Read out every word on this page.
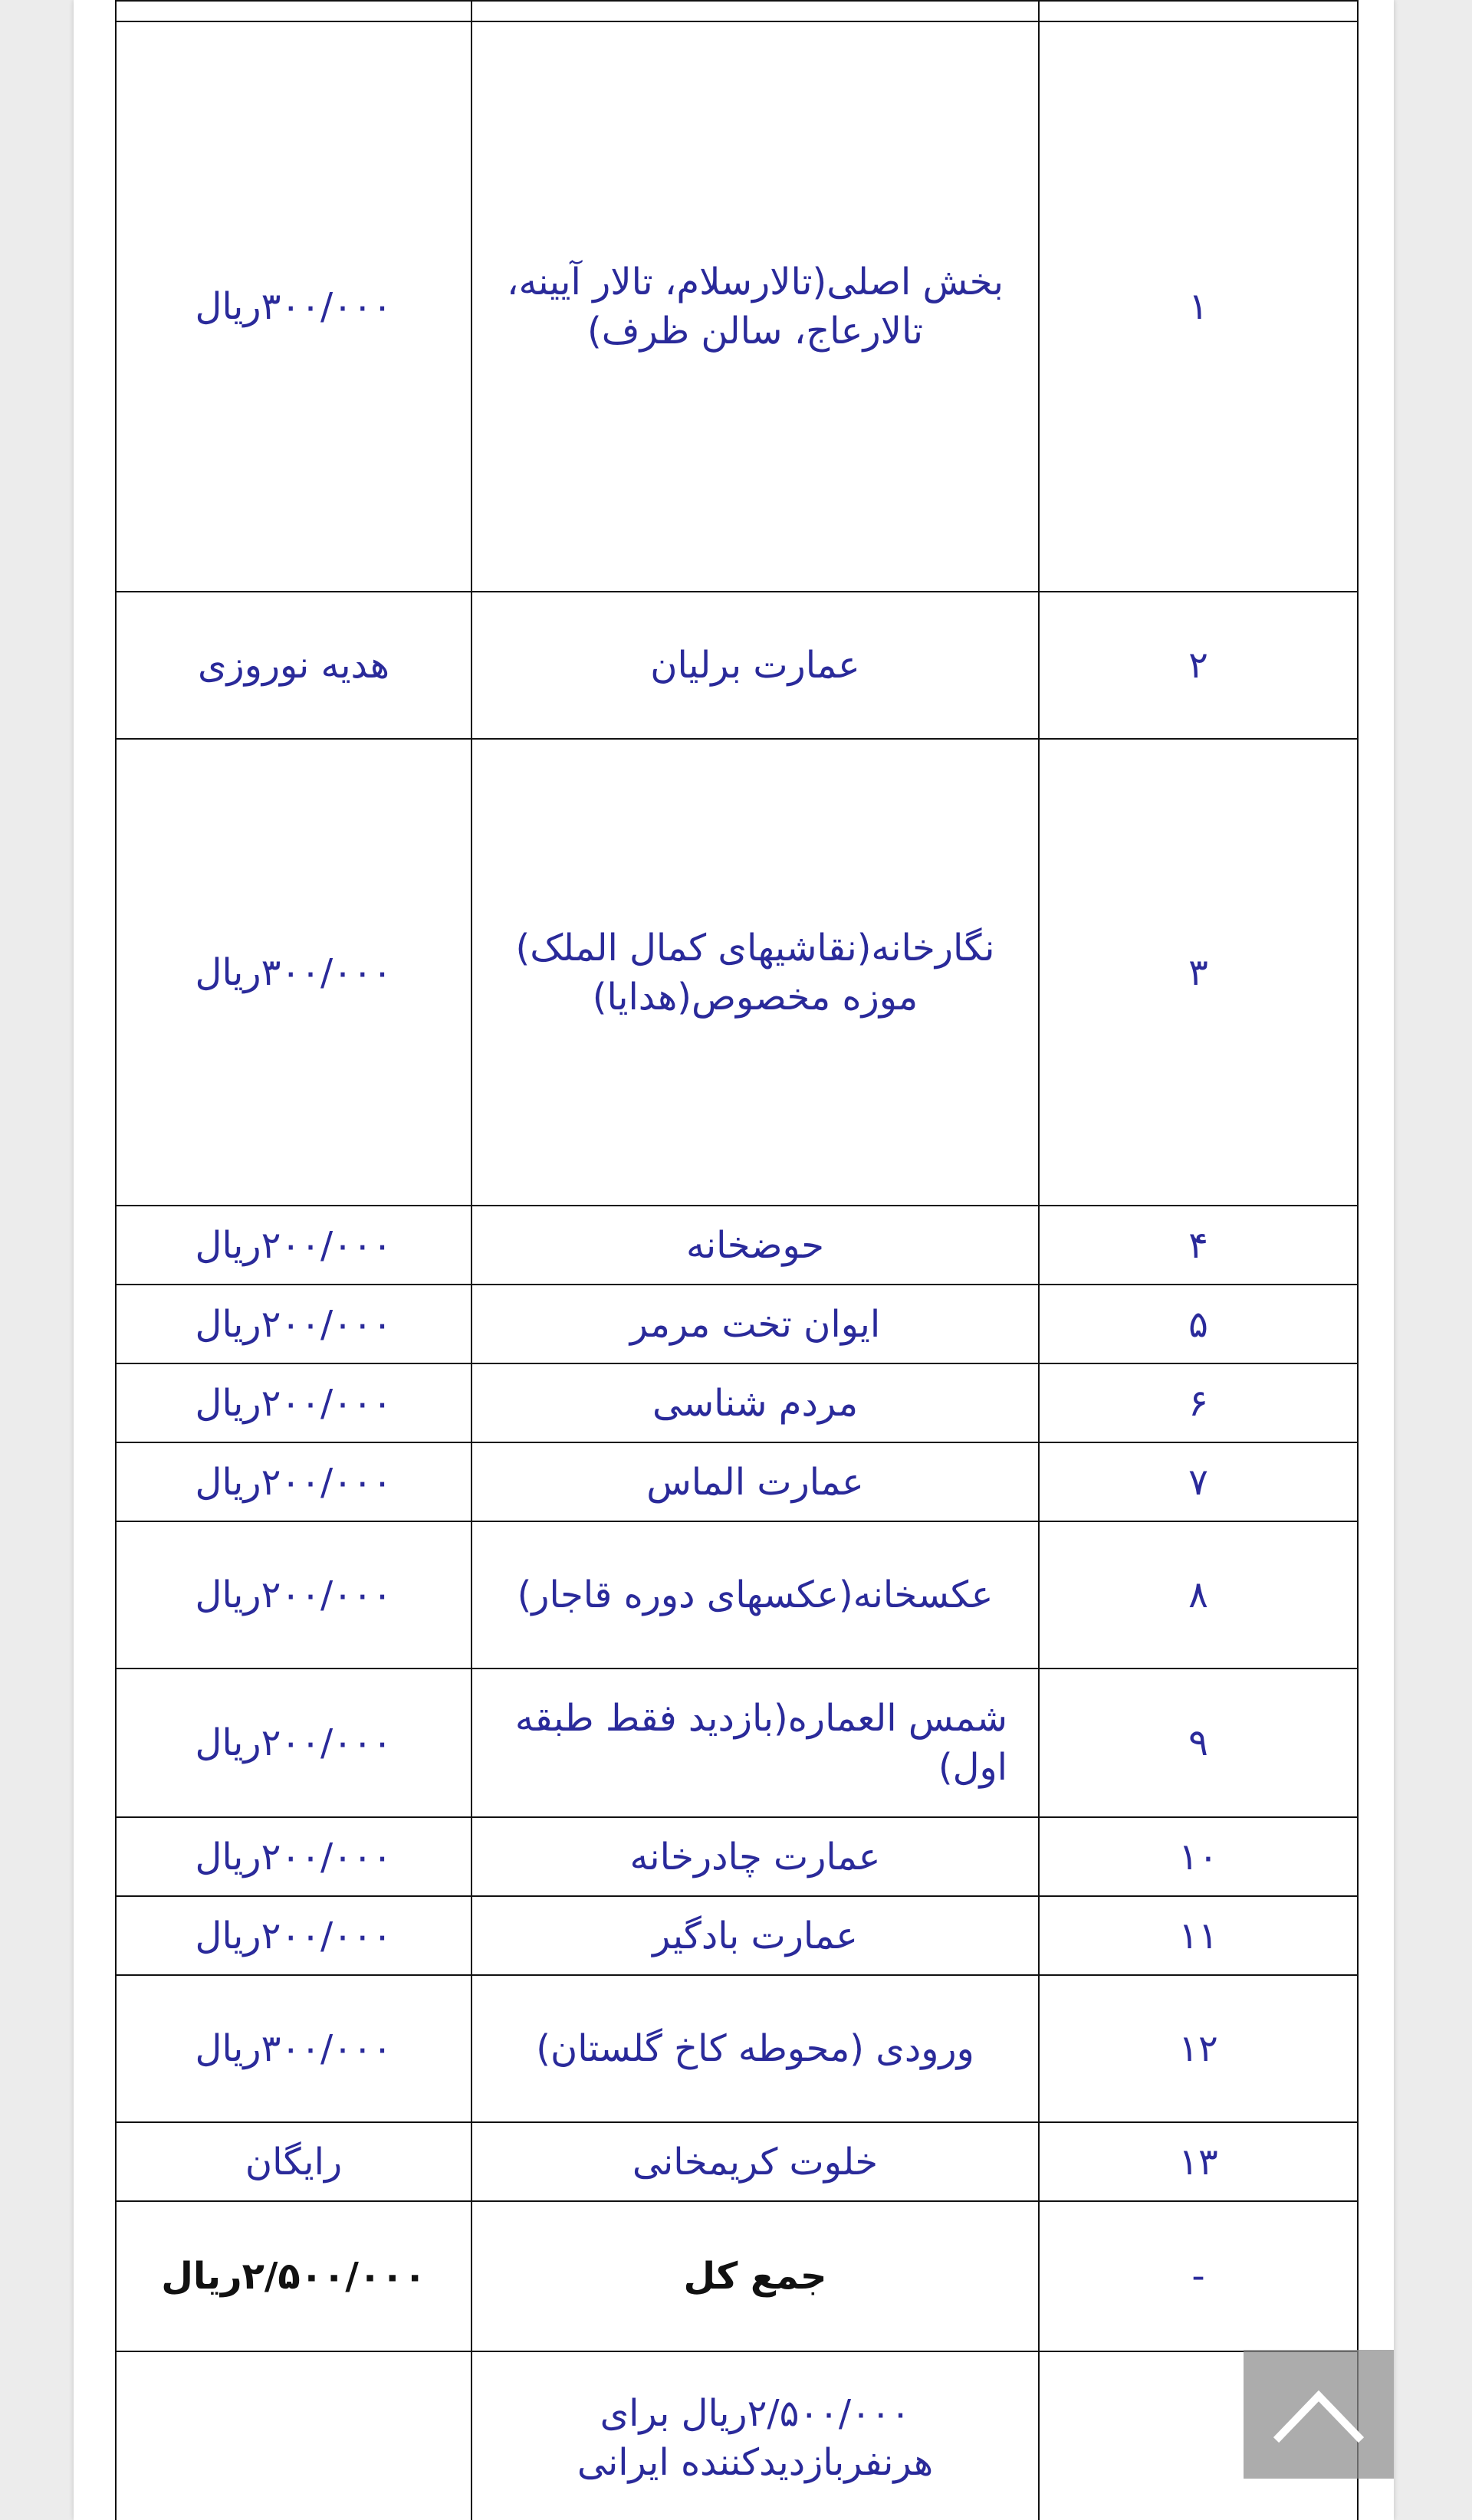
١	بخش اصلی(تالارسلام، تالار آیینه، تالارعاج، سالن ظرف)	۳۰۰/۰۰۰ريال
۲	عمارت برلیان	هدیه نوروزی
۳	نگارخانه(نقاشیهای کمال الملک) موزه مخصوص(هدایا)	۳۰۰/۰۰۰ريال
۴	حوضخانه	۲۰۰/۰۰۰ريال
۵	ایوان تخت مرمر	۲۰۰/۰۰۰ريال
۶	مردم شناسی	۲۰۰/۰۰۰ريال
۷	عمارت الماس	۲۰۰/۰۰۰ريال
۸	عکسخانه(عکسهای دوره قاجار)	۲۰۰/۰۰۰ريال
۹	شمس العماره(بازدید فقط طبقه اول)	۲۰۰/۰۰۰ريال
۱۰	عمارت چادرخانه	۲۰۰/۰۰۰ريال
۱۱	عمارت بادگیر	۲۰۰/۰۰۰ريال
۱۲	ورودی (محوطه کاخ گلستان)	۳۰۰/۰۰۰ريال
۱۳	خلوت کریمخانی	رایگان
-	جمع کل	۲/۵۰۰/۰۰۰ريال
	۲/۵۰۰/۰۰۰ريال برای هرنفربازدیدکننده ایرانی	
